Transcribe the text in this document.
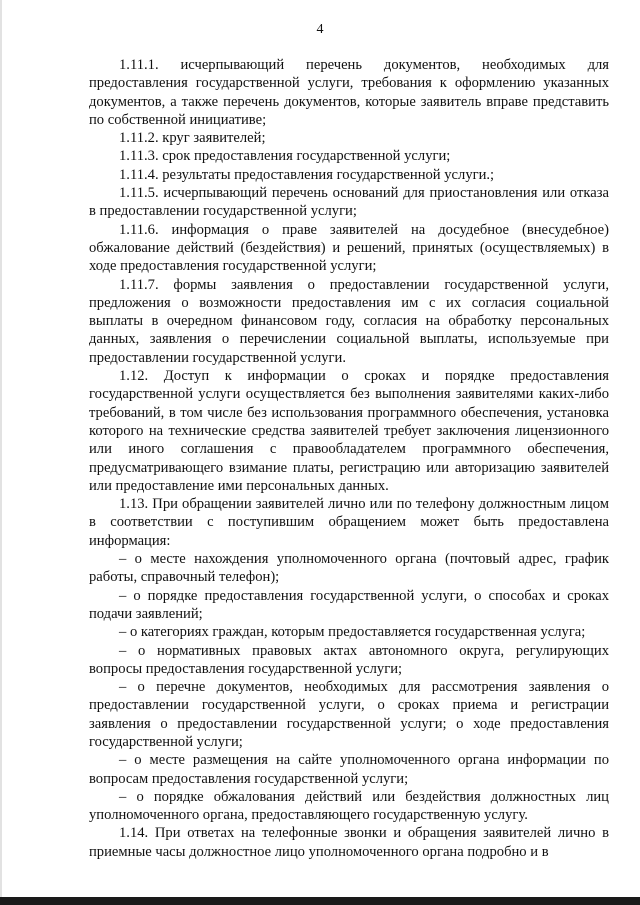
4

1.11.1. исчерпывающий перечень документов, необходимых для предоставления государственной услуги, требования к оформлению указанных документов, а также перечень документов, которые заявитель вправе представить по собственной инициативе;

1.11.2. круг заявителей;

1.11.3. срок предоставления государственной услуги;

1.11.4. результаты предоставления государственной услуги.;

1.11.5. исчерпывающий перечень оснований для приостановления или отказа в предоставлении государственной услуги;

1.11.6. информация о праве заявителей на досудебное (внесудебное) обжалование действий (бездействия) и решений, принятых (осуществляемых) в ходе предоставления государственной услуги;

1.11.7. формы заявления о предоставлении государственной услуги, предложения о возможности предоставления им с их согласия социальной выплаты в очередном финансовом году, согласия на обработку персональных данных, заявления о перечислении социальной выплаты, используемые при предоставлении государственной услуги.

1.12. Доступ к информации о сроках и порядке предоставления государственной услуги осуществляется без выполнения заявителями каких-либо требований, в том числе без использования программного обеспечения, установка которого на технические средства заявителей требует заключения лицензионного или иного соглашения с правообладателем программного обеспечения, предусматривающего взимание платы, регистрацию или авторизацию заявителей или предоставление ими персональных данных.

1.13. При обращении заявителей лично или по телефону должностным лицом в соответствии с поступившим обращением может быть предоставлена информация:

– о месте нахождения уполномоченного органа (почтовый адрес, график работы, справочный телефон);

– о порядке предоставления государственной услуги, о способах и сроках подачи заявлений;

– о категориях граждан, которым предоставляется государственная услуга;

– о нормативных правовых актах автономного округа, регулирующих вопросы предоставления государственной услуги;

– о перечне документов, необходимых для рассмотрения заявления о предоставлении государственной услуги, о сроках приема и регистрации заявления о предоставлении государственной услуги; о ходе предоставления государственной услуги;

– о месте размещения на сайте уполномоченного органа информации по вопросам предоставления государственной услуги;

– о порядке обжалования действий или бездействия должностных лиц уполномоченного органа, предоставляющего государственную услугу.

1.14. При ответах на телефонные звонки и обращения заявителей лично в приемные часы должностное лицо уполномоченного органа подробно и в
